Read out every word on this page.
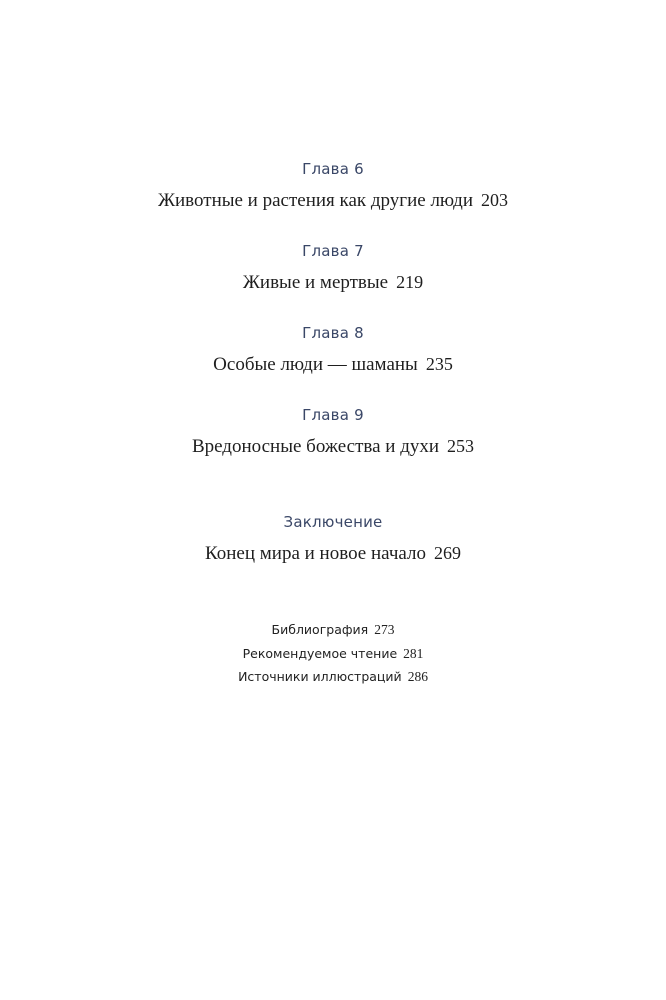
Глава 6
Животные и растения как другие люди 203
Глава 7
Живые и мертвые 219
Глава 8
Особые люди — шаманы 235
Глава 9
Вредоносные божества и духи 253
Заключение
Конец мира и новое начало 269
Библиография 273
Рекомендуемое чтение 281
Источники иллюстраций 286
